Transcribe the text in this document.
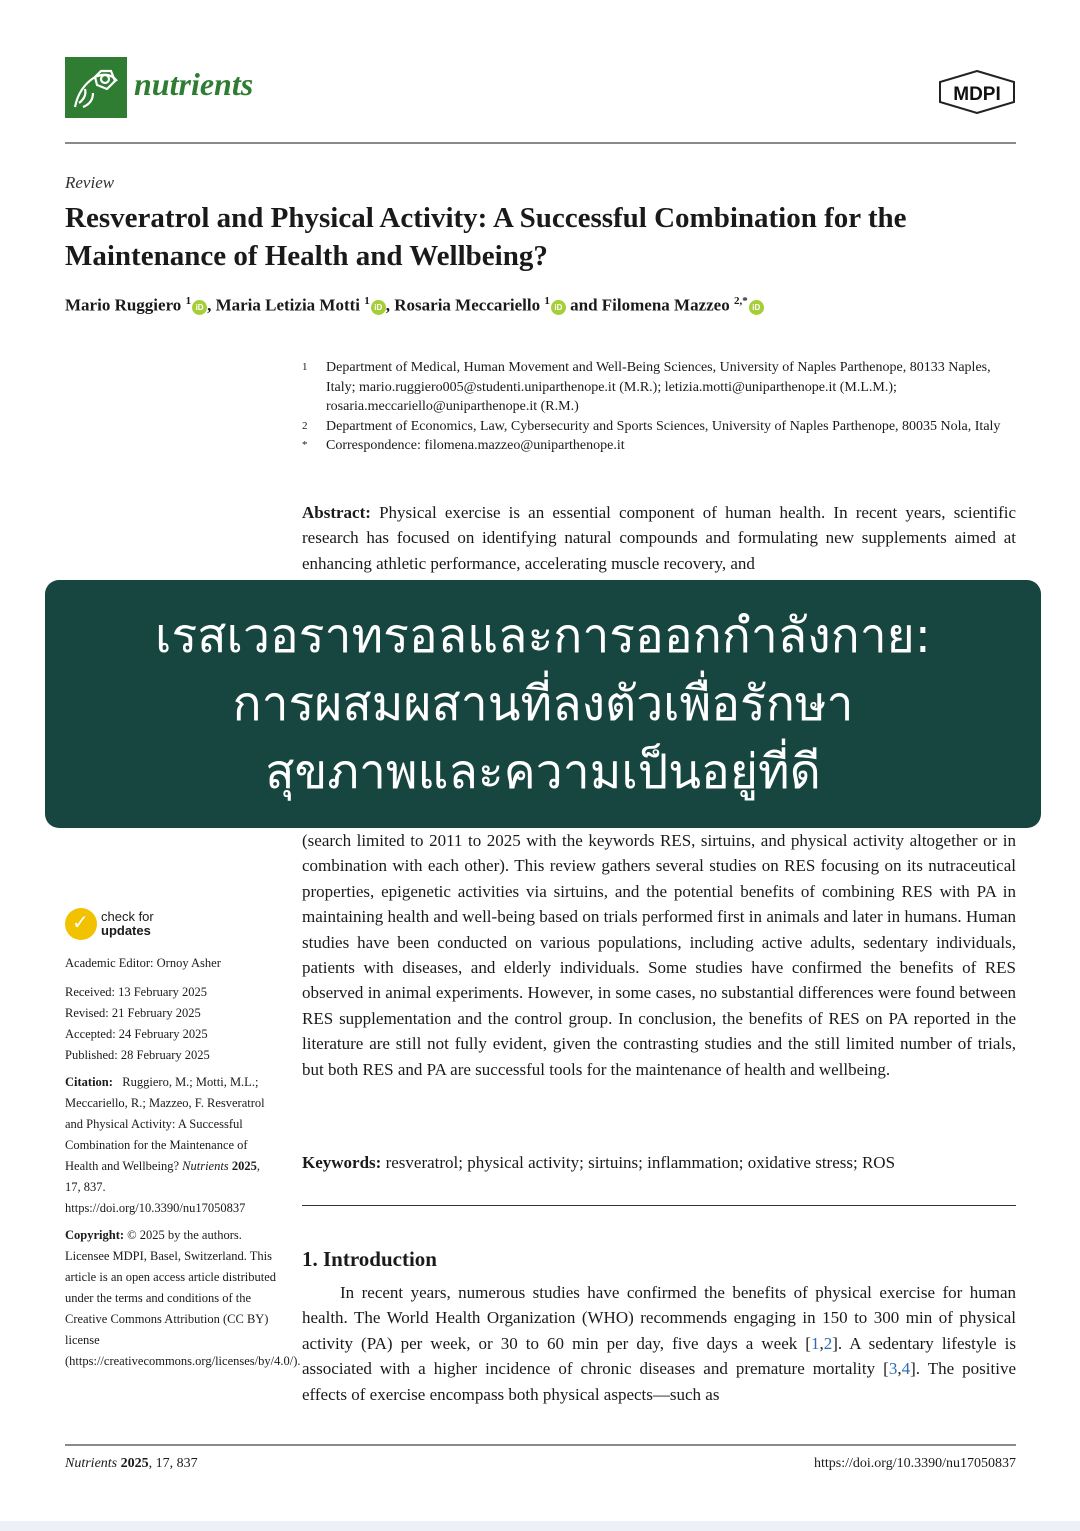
nutrients	MDPI
Review
Resveratrol and Physical Activity: A Successful Combination for the Maintenance of Health and Wellbeing?
Mario Ruggiero $^1$iD , Maria Letizia Motti $^1$iD , Rosaria Meccariello $^1$iD and Filomena Mazzeo $^{2,*}$iD
1	Department of Medical, Human Movement and Well-Being Sciences, University of Naples Parthenope, 80133 Naples, Italy; mario.ruggiero005@studenti.uniparthenope.it (M.R.); letizia.motti@uniparthenope.it (M.L.M.); rosaria.meccariello@uniparthenope.it (R.M.)
2	Department of Economics, Law, Cybersecurity and Sports Sciences, University of Naples Parthenope, 80035 Nola, Italy
*	Correspondence: filomena.mazzeo@uniparthenope.it
Abstract: Physical exercise is an essential component of human health. In recent years, scientific research has focused on identifying natural compounds and formulating new supplements aimed at enhancing athletic performance, accelerating muscle recovery, and
(search limited to 2011 to 2025 with the keywords RES, sirtuins, and physical activity altogether or in combination with each other). This review gathers several studies on RES focusing on its nutraceutical properties, epigenetic activities via sirtuins, and the potential benefits of combining RES with PA in maintaining health and well-being based on trials performed first in animals and later in humans. Human studies have been conducted on various populations, including active adults, sedentary individuals, patients with diseases, and elderly individuals. Some studies have confirmed the benefits of RES observed in animal experiments. However, in some cases, no substantial differences were found between RES supplementation and the control group. In conclusion, the benefits of RES on PA reported in the literature are still not fully evident, given the contrasting studies and the still limited number of trials, but both RES and PA are successful tools for the maintenance of health and wellbeing.
Keywords: resveratrol; physical activity; sirtuins; inflammation; oxidative stress; ROS
1. Introduction
In recent years, numerous studies have confirmed the benefits of physical exercise for human health. The World Health Organization (WHO) recommends engaging in 150 to 300 min of physical activity (PA) per week, or 30 to 60 min per day, five days a week [1,2]. A sedentary lifestyle is associated with a higher incidence of chronic diseases and premature mortality [3,4]. The positive effects of exercise encompass both physical aspects—such as
✓ check for
updates
Academic Editor: Ornoy Asher
Received: 13 February 2025
Revised: 21 February 2025
Accepted: 24 February 2025
Published: 28 February 2025
Citation: Ruggiero, M.; Motti, M.L.; Meccariello, R.; Mazzeo, F. Resveratrol and Physical Activity: A Successful Combination for the Maintenance of Health and Wellbeing? Nutrients 2025, 17, 837. https://doi.org/10.3390/nu17050837
Copyright: © 2025 by the authors. Licensee MDPI, Basel, Switzerland. This article is an open access article distributed under the terms and conditions of the Creative Commons Attribution (CC BY) license (https://creativecommons.org/licenses/by/4.0/).
Nutrients 2025, 17, 837	https://doi.org/10.3390/nu17050837
เรสเวอราทรอลและการออกกำลังกาย:
การผสมผสานที่ลงตัวเพื่อรักษา
สุขภาพและความเป็นอยู่ที่ดี
